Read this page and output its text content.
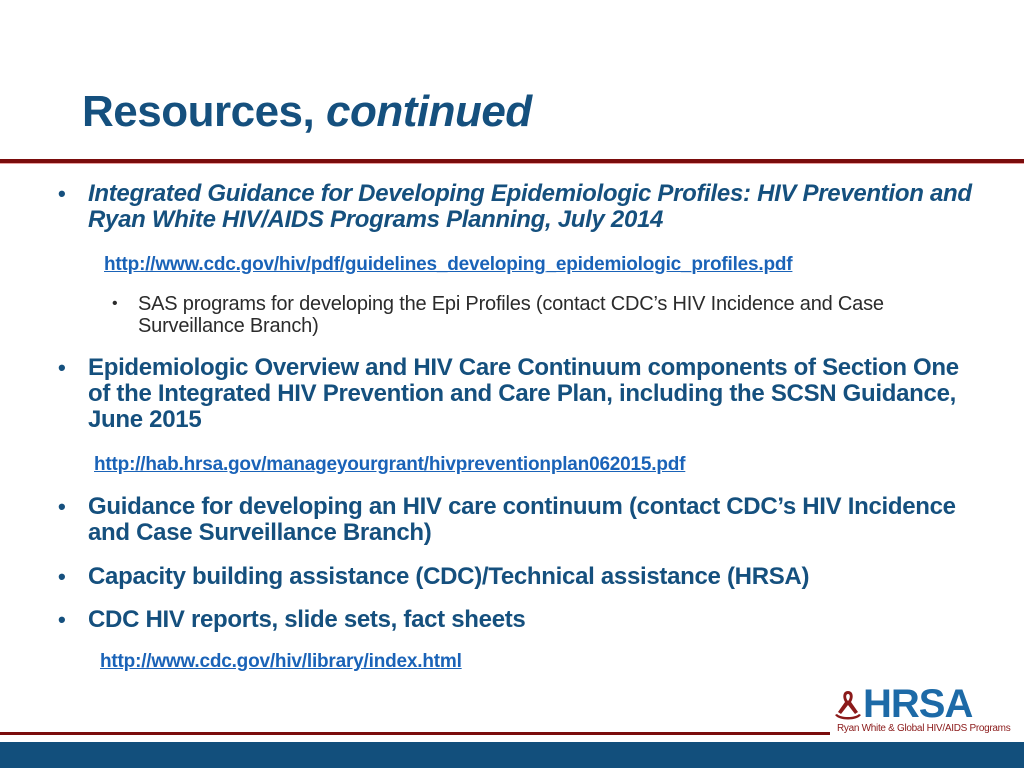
Resources, continued
• Integrated Guidance for Developing Epidemiologic Profiles: HIV Prevention and Ryan White HIV/AIDS Programs Planning, July 2014
http://www.cdc.gov/hiv/pdf/guidelines_developing_epidemiologic_profiles.pdf
• SAS programs for developing the Epi Profiles (contact CDC’s HIV Incidence and Case Surveillance Branch)
• Epidemiologic Overview and HIV Care Continuum components of Section One of the Integrated HIV Prevention and Care Plan, including the SCSN Guidance, June 2015
http://hab.hrsa.gov/manageyourgrant/hivpreventionplan062015.pdf
• Guidance for developing an HIV care continuum (contact CDC’s HIV Incidence and Case Surveillance Branch)
• Capacity building assistance (CDC)/Technical assistance (HRSA)
• CDC HIV reports, slide sets, fact sheets
http://www.cdc.gov/hiv/library/index.html
HRSA
Ryan White & Global HIV/AIDS Programs
